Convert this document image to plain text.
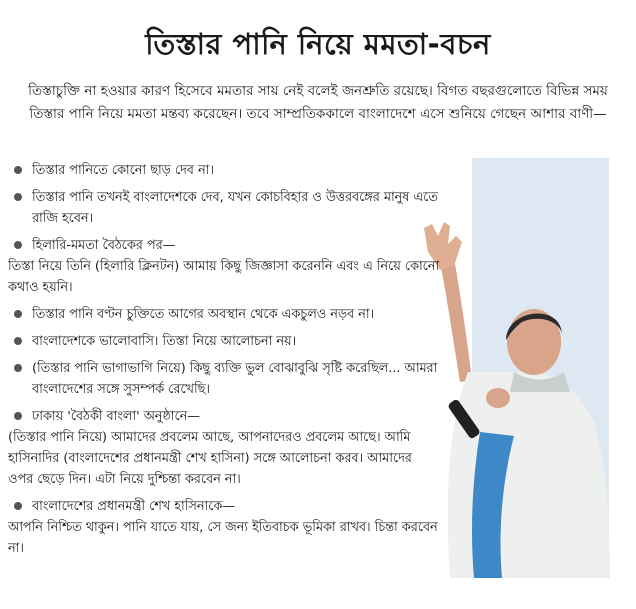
তিস্তার পানি নিয়ে মমতা-বচন
তিস্তাচুক্তি না হওয়ার কারণ হিসেবে মমতার সায় নেই বলেই জনশ্রুতি রয়েছে। বিগত বছরগুলোতে বিভিন্ন সময় তিস্তার পানি নিয়ে মমতা মন্তব্য করেছেন। তবে সাম্প্রতিককালে বাংলাদেশে এসে শুনিয়ে গেছেন আশার বাণী—
তিস্তার পানিতে কোনো ছাড় দেব না।
তিস্তার পানি তখনই বাংলাদেশকে দেব, যখন কোচবিহার ও উত্তরবঙ্গের মানুষ এতে রাজি হবেন।
হিলারি-মমতা বৈঠকের পর—
তিস্তা নিয়ে তিনি (হিলারি ক্লিনটন) আমায় কিছু জিজ্ঞাসা করেননি এবং এ নিয়ে কোনো কথাও হয়নি।
তিস্তার পানি বণ্টন চুক্তিতে আগের অবস্থান থেকে একচুলও নড়ব না।
বাংলাদেশকে ভালোবাসি। তিস্তা নিয়ে আলোচনা নয়।
(তিস্তার পানি ভাগাভাগি নিয়ে) কিছু ব্যক্তি ভুল বোঝাবুঝি সৃষ্টি করেছিল... আমরা বাংলাদেশের সঙ্গে সুসম্পর্ক রেখেছি।
ঢাকায় 'বৈঠকী বাংলা' অনুষ্ঠানে—
(তিস্তার পানি নিয়ে) আমাদের প্রবলেম আছে, আপনাদেরও প্রবলেম আছে। আমি হাসিনাদির (বাংলাদেশের প্রধানমন্ত্রী শেখ হাসিনা) সঙ্গে আলোচনা করব। আমাদের ওপর ছেড়ে দিন। এটা নিয়ে দুশ্চিন্তা করবেন না।
বাংলাদেশের প্রধানমন্ত্রী শেখ হাসিনাকে—
আপনি নিশ্চিত থাকুন। পানি যাতে যায়, সে জন্য ইতিবাচক ভূমিকা রাখব। চিন্তা করবেন না।
